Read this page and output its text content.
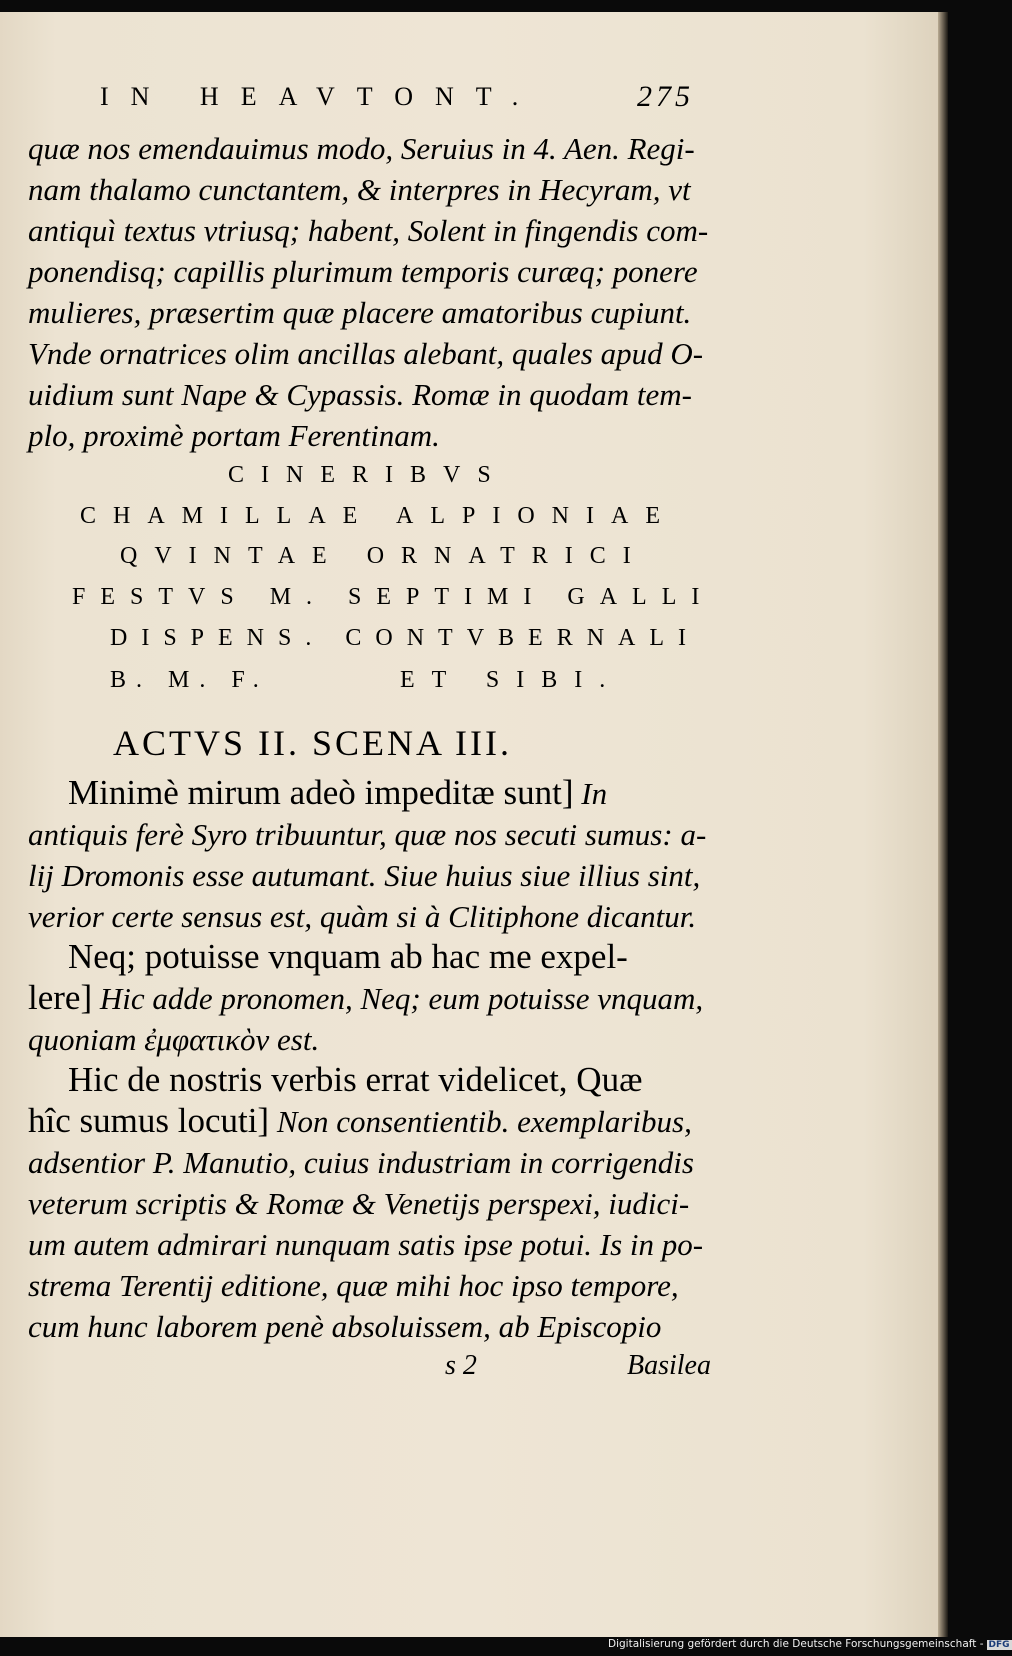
IN HEAVTONT.	275
quæ nos emendauimus modo, Seruius in 4. Aen. Regi-
nam thalamo cunctantem, & interpres in Hecyram, vt
antiquì textus vtriusq; habent, Solent in fingendis com-
ponendisq; capillis plurimum temporis curæq; ponere
mulieres, præsertim quæ placere amatoribus cupiunt.
Vnde ornatrices olim ancillas alebant, quales apud O-
uidium sunt Nape & Cypassis. Romæ in quodam tem-
plo, proximè portam Ferentinam.
CINERIBVS
CHAMILLAE ALPIONIAE
QVINTAE ORNATRICI
FESTVS M. SEPTIMI GALLI
DISPENS. CONTVBERNALI
B. M. F.	ET SIBI.
ACTVS II. SCENA III.
Minimè mirum adeò impeditæ sunt] In
antiquis ferè Syro tribuuntur, quæ nos secuti sumus: a-
lij Dromonis esse autumant. Siue huius siue illius sint,
verior certe sensus est, quàm si à Clitiphone dicantur.
Neq; potuisse vnquam ab hac me expel-
lere] Hic adde pronomen, Neq; eum potuisse vnquam,
quoniam ἐμφατικὸν est.
Hic de nostris verbis errat videlicet, Quæ
hîc sumus locuti] Non consentientib. exemplaribus,
adsentior P. Manutio, cuius industriam in corrigendis
veterum scriptis & Romæ & Venetijs perspexi, iudici-
um autem admirari nunquam satis ipse potui. Is in po-
strema Terentij editione, quæ mihi hoc ipso tempore,
cum hunc laborem penè absoluissem, ab Episcopio
s 2	Basilea
Digitalisierung gefördert durch die Deutsche Forschungsgemeinschaft - DFG
